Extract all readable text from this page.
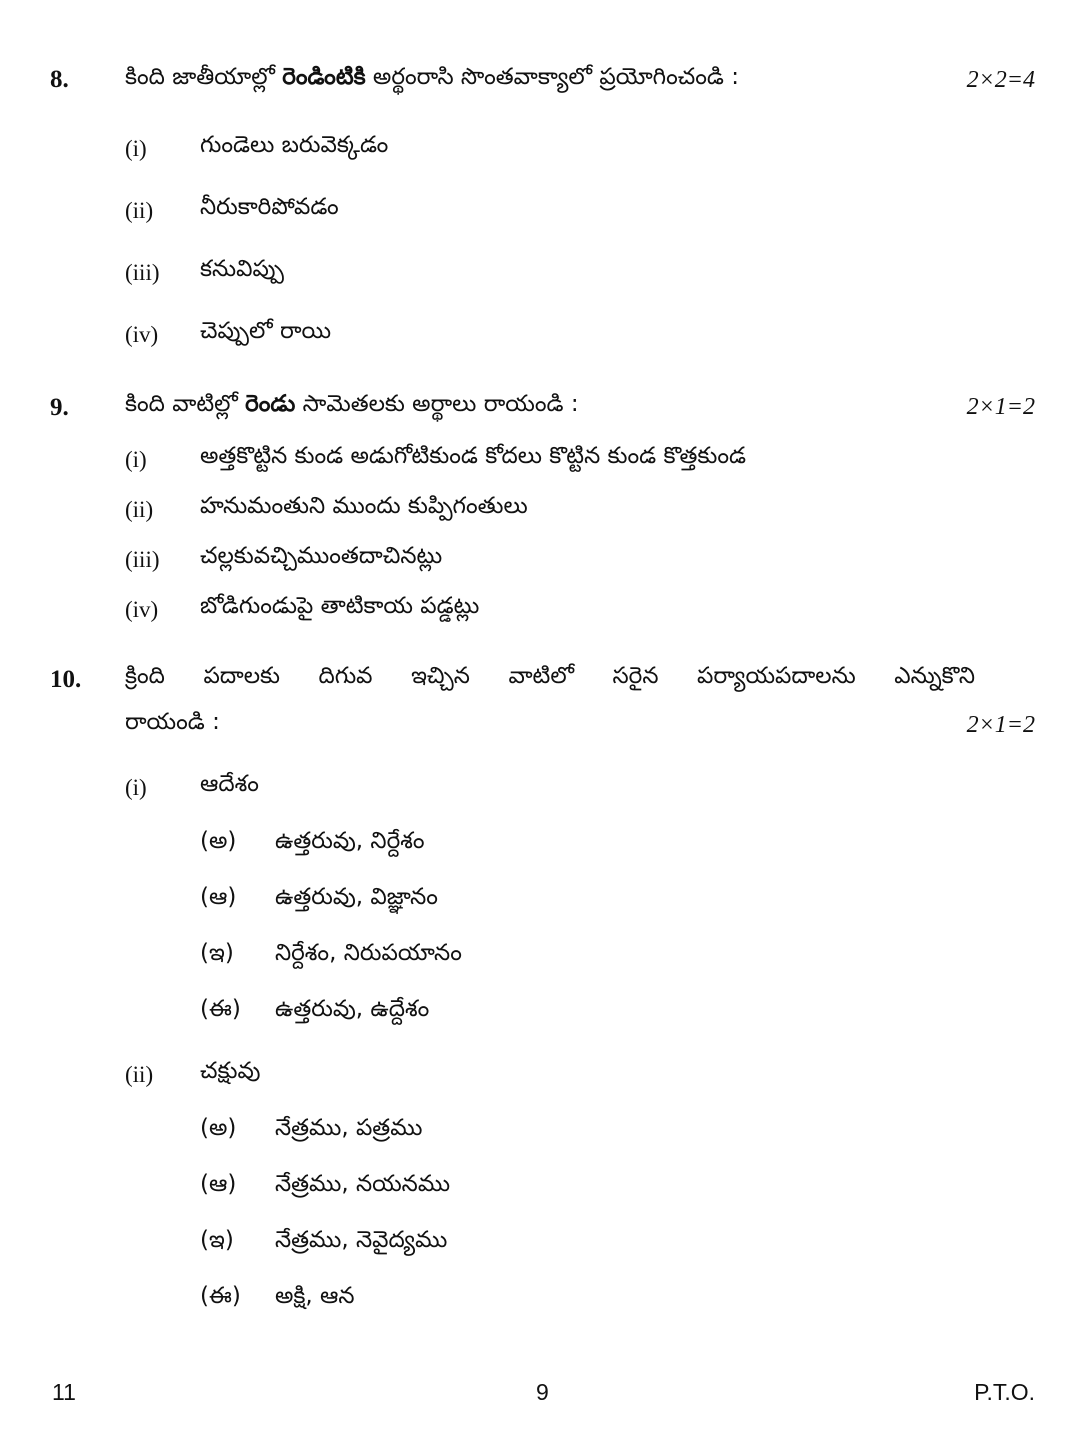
8. కింది జాతీయాల్లో రెండింటికి అర్థంరాసి సొంతవాక్యాలో ప్రయోగించండి :	2×2=4
(i) గుండెలు బరువెక్కడం
(ii) నీరుకారిపోవడం
(iii) కనువిప్పు
(iv) చెప్పులో రాయి
9. కింది వాటిల్లో రెండు సామెతలకు అర్థాలు రాయండి :	2×1=2
(i) అత్తకొట్టిన కుండ అడుగోటికుండ కోదలు కొట్టిన కుండ కొత్తకుండ
(ii) హనుమంతుని ముందు కుప్పిగంతులు
(iii) చల్లకువచ్చిముంతదాచినట్లు
(iv) బోడిగుండుపై తాటికాయ పడ్డట్లు
10. క్రింది పదాలకు దిగువ ఇచ్చిన వాటిలో సరైన పర్యాయపదాలను ఎన్నుకొని
రాయండి :	2×1=2
(i) ఆదేశం
(అ) ఉత్తరువు, నిర్దేశం
(ఆ) ఉత్తరువు, విజ్ఞానం
(ఇ) నిర్దేశం, నిరుపయానం
(ఈ) ఉత్తరువు, ఉద్దేశం
(ii) చక్షువు
(అ) నేత్రము, పత్రము
(ఆ) నేత్రము, నయనము
(ఇ) నేత్రము, నెవైద్యము
(ఈ) అక్షి, ఆన
11	9	P.T.O.
